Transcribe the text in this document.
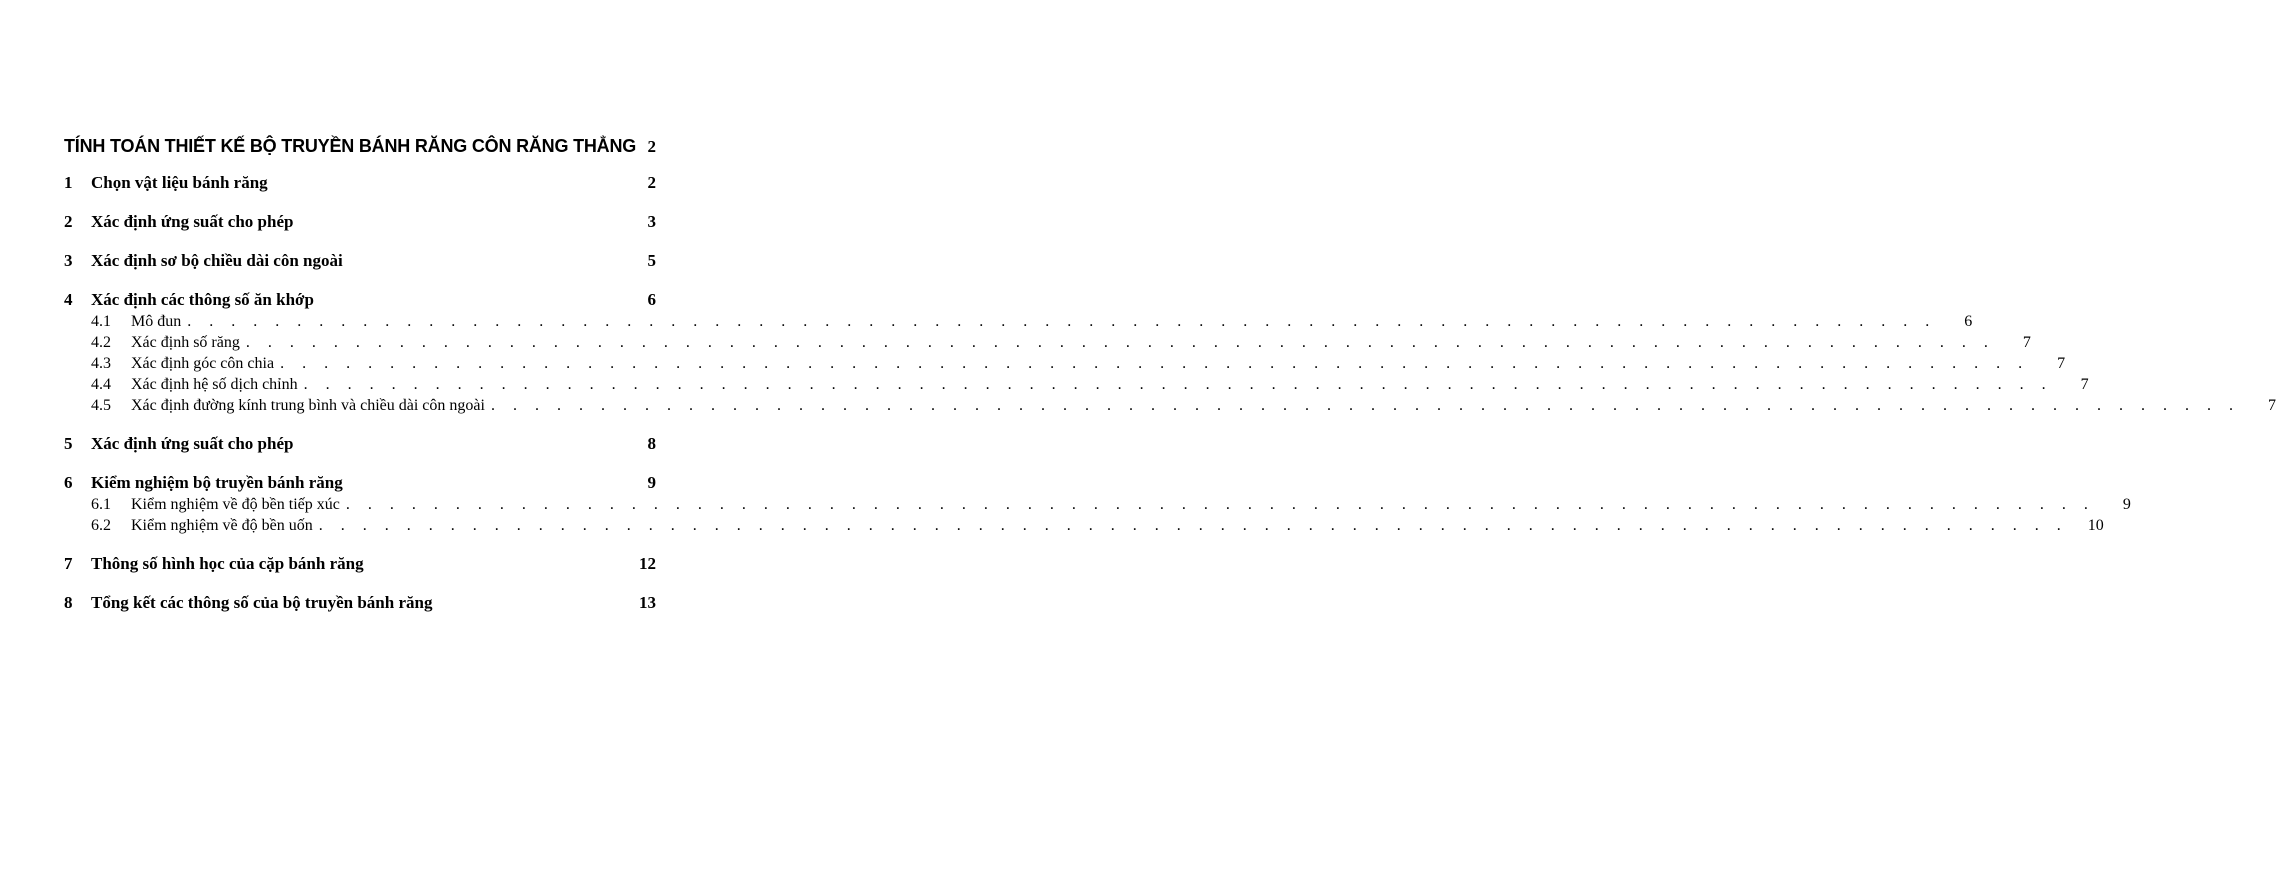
TÍNH TOÁN THIẾT KẾ BỘ TRUYỀN BÁNH RĂNG CÔN RĂNG THẲNG 2
1	Chọn vật liệu bánh răng	2
2	Xác định ứng suất cho phép	3
3	Xác định sơ bộ chiều dài côn ngoài	5
4	Xác định các thông số ăn khớp	6
4.1	Mô đun . . . . . . . . . . . . . . . . . . . . . . . . . . . . . . . . . . . . . . . . . . . . . . . . . . . . . . . . . . . . . . . . . . . . . . . . . . . . . . . .	6
4.2	Xác định số răng . . . . . . . . . . . . . . . . . . . . . . . . . . . . . . . . . . . . . . . . . . . . . . . . . . . . . . . . . . . . . . . . . . . . . . . . . . . . . . . .	7
4.3	Xác định góc côn chia . . . . . . . . . . . . . . . . . . . . . . . . . . . . . . . . . . . . . . . . . . . . . . . . . . . . . . . . . . . . . . . . . . . . . . . . . . . . . . . .	7
4.4	Xác định hệ số dịch chỉnh . . . . . . . . . . . . . . . . . . . . . . . . . . . . . . . . . . . . . . . . . . . . . . . . . . . . . . . . . . . . . . . . . . . . . . . . . . . . . . . .	7
4.5	Xác định đường kính trung bình và chiều dài côn ngoài . . . . . . . . . . . . . . . . . . . . . . . . . . . . . . . . . . . . . . . . . . . . . . . . . . . . . . . . . . . . . . . . . . . . . . . . . . . . . . . .	7
5	Xác định ứng suất cho phép	8
6	Kiểm nghiệm bộ truyền bánh răng	9
6.1	Kiểm nghiệm về độ bền tiếp xúc . . . . . . . . . . . . . . . . . . . . . . . . . . . . . . . . . . . . . . . . . . . . . . . . . . . . . . . . . . . . . . . . . . . . . . . . . . . . . . . .	9
6.2	Kiểm nghiệm về độ bền uốn . . . . . . . . . . . . . . . . . . . . . . . . . . . . . . . . . . . . . . . . . . . . . . . . . . . . . . . . . . . . . . . . . . . . . . . . . . . . . . . .	10
7	Thông số hình học của cặp bánh răng	12
8	Tổng kết các thông số của bộ truyền bánh răng	13
